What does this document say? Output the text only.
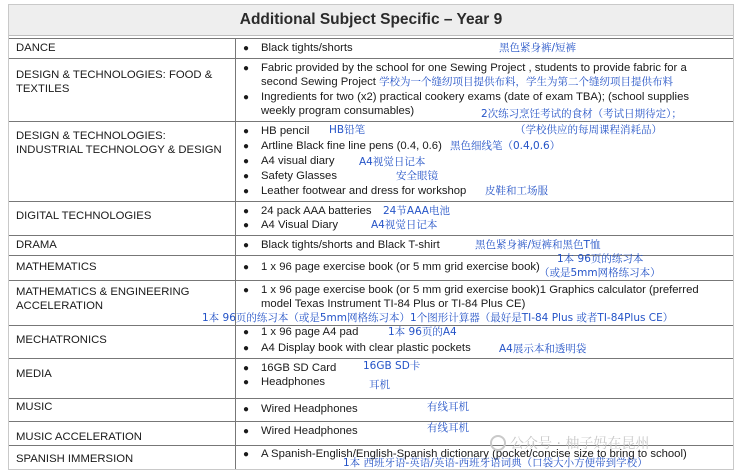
Additional Subject Specific – Year 9
DANCE	● Black tights/shorts	黑色紧身裤/短裤
DESIGN & TECHNOLOGIES: FOOD & TEXTILES
● Fabric provided by the school for one Sewing Project , students to provide fabric for a
second Sewing Project 学校为一个缝纫项目提供布料，学生为第二个缝纫项目提供布料
● Ingredients for two (x2) practical cookery exams (date of exam TBA); (school supplies
weekly program consumables)	2次练习烹饪考试的食材（考试日期待定）；
DESIGN & TECHNOLOGIES: INDUSTRIAL TECHNOLOGY & DESIGN
● HB pencil HB铅笔	（学校供应的每周课程消耗品）
● Artline Black fine line pens (0.4, 0.6) 黑色细线笔（0.4,0.6）
● A4 visual diary A4视觉日记本
● Safety Glasses	安全眼镜
● Leather footwear and dress for workshop 皮鞋和工场服
DIGITAL TECHNOLOGIES	● 24 pack AAA batteries 24节AAA电池
● A4 Visual Diary	A4视觉日记本
DRAMA	● Black tights/shorts and Black T-shirt	黑色紧身裤/短裤和黑色T恤
MATHEMATICS	● 1 x 96 page exercise book (or 5 mm grid exercise book)
1本 96页的练习本
（或是5mm网格练习本）
MATHEMATICS & ENGINEERING ACCELERATION
● 1 x 96 page exercise book (or 5 mm grid exercise book)1 Graphics calculator (preferred
model Texas Instrument TI-84 Plus or TI-84 Plus CE)
1本 96页的练习本（或是5mm网格练习本）1个图形计算器（最好是TI-84 Plus 或者TI-84Plus CE）
MECHATRONICS
● 1 x 96 page A4 pad	1本 96页的A4
● A4 Display book with clear plastic pockets	A4展示本和透明袋
MEDIA	● 16GB SD Card	16GB SD卡
● Headphones	耳机
MUSIC	● Wired Headphones	有线耳机
MUSIC ACCELERATION	● Wired Headphones	有线耳机
SPANISH IMMERSION	● A Spanish-English/English-Spanish dictionary (pocket/concise size to bring to school)
1本 西班牙语-英语/英语-西班牙语词典（口袋大小方便带到学校）
公众号 · 柚子妈在昆州
